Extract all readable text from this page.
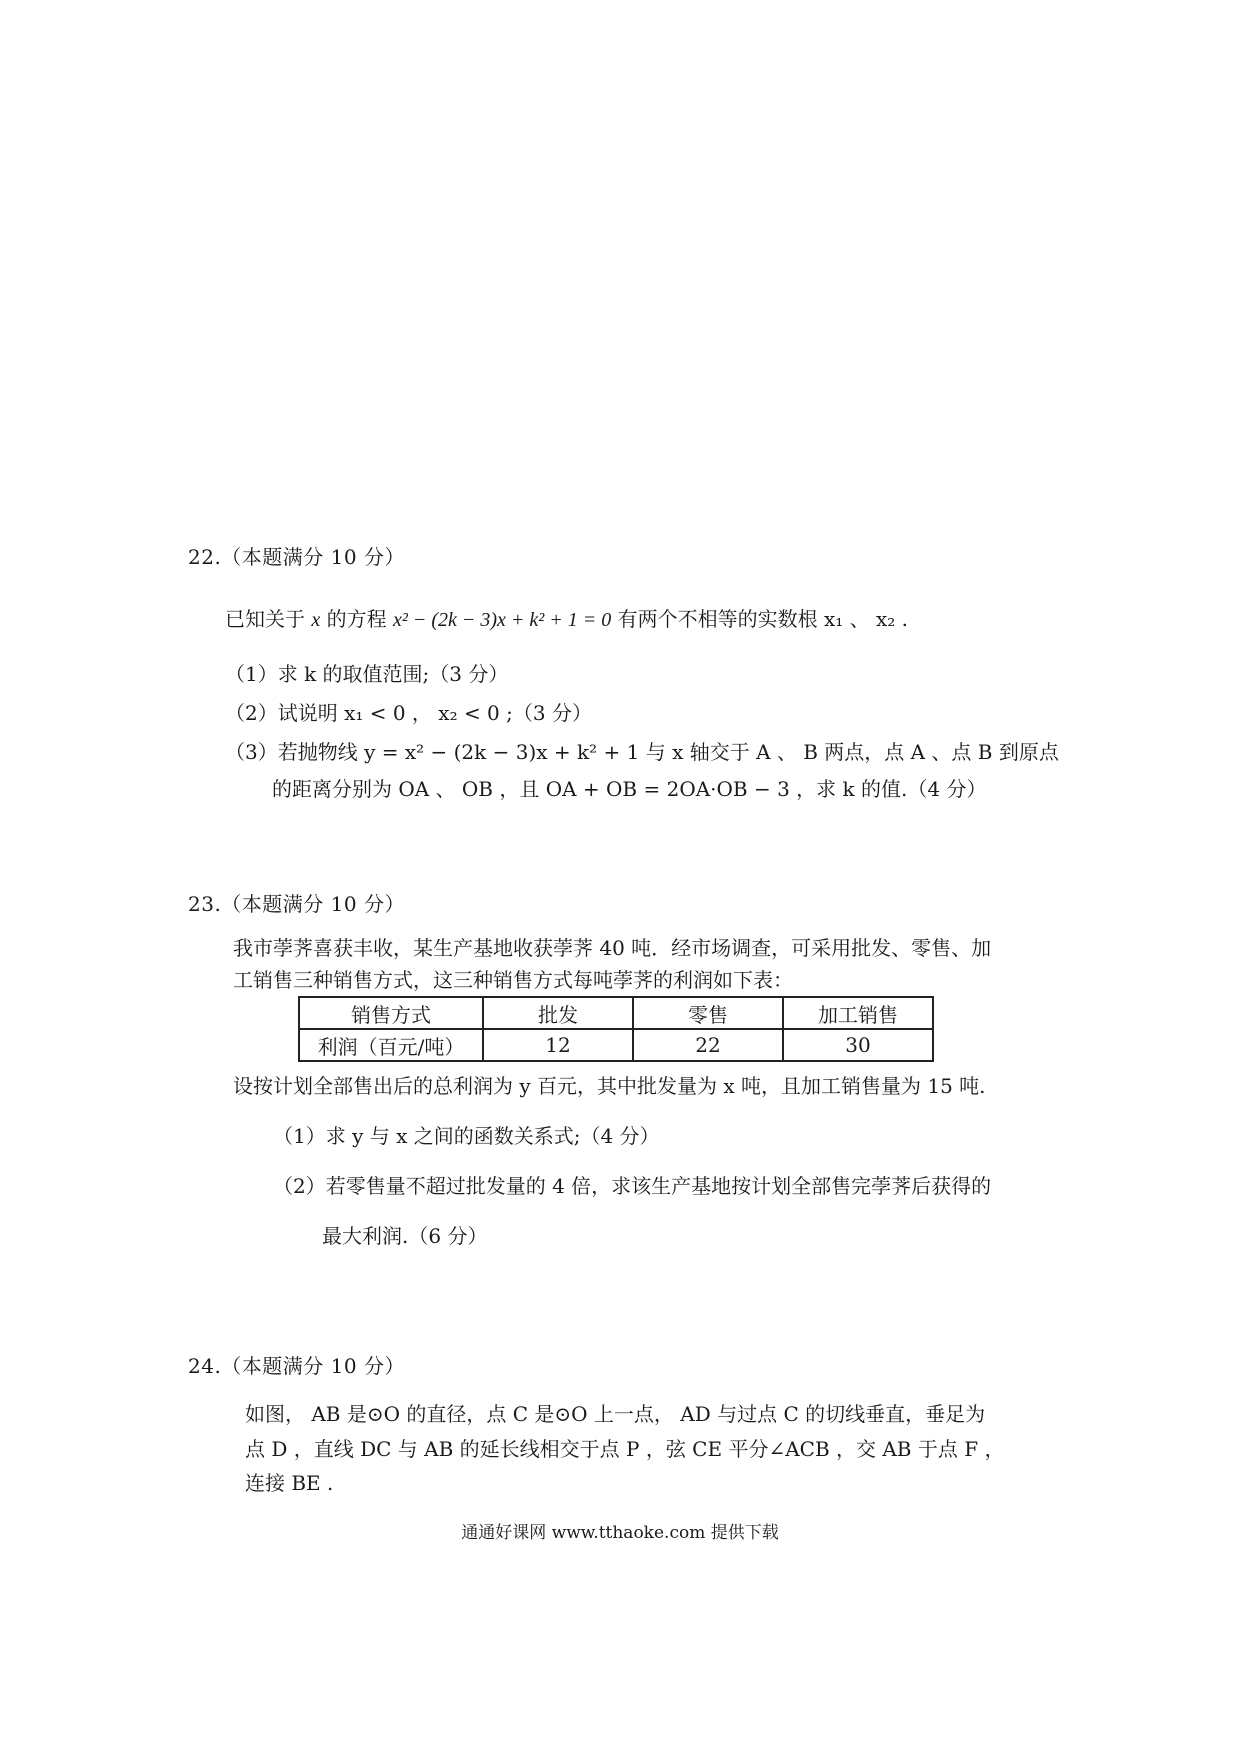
22.（本题满分 10 分）
已知关于 x 的方程 x² − (2k − 3)x + k² + 1 = 0 有两个不相等的实数根 x₁ 、 x₂ .
（1）求 k 的取值范围;（3 分）
（2）试说明 x₁ < 0 ， x₂ < 0 ;（3 分）
（3）若抛物线 y = x² − (2k − 3)x + k² + 1 与 x 轴交于 A 、 B 两点，点 A 、点 B 到原点
的距离分别为 OA 、 OB ，且 OA + OB = 2OA·OB − 3 ，求 k 的值.（4 分）
23.（本题满分 10 分）
我市荸荠喜获丰收，某生产基地收获荸荠 40 吨．经市场调查，可采用批发、零售、加
工销售三种销售方式，这三种销售方式每吨荸荠的利润如下表：
销售方式	批发	零售	加工销售
利润（百元/吨）	12	22	30
设按计划全部售出后的总利润为 y 百元，其中批发量为 x 吨，且加工销售量为 15 吨.
（1）求 y 与 x 之间的函数关系式;（4 分）
（2）若零售量不超过批发量的 4 倍，求该生产基地按计划全部售完荸荠后获得的
最大利润.（6 分）
24.（本题满分 10 分）
如图， AB 是⊙O 的直径，点 C 是⊙O 上一点， AD 与过点 C 的切线垂直，垂足为
点 D ，直线 DC 与 AB 的延长线相交于点 P ，弦 CE 平分∠ACB ，交 AB 于点 F ，
连接 BE .
通通好课网 www.tthaoke.com 提供下载
